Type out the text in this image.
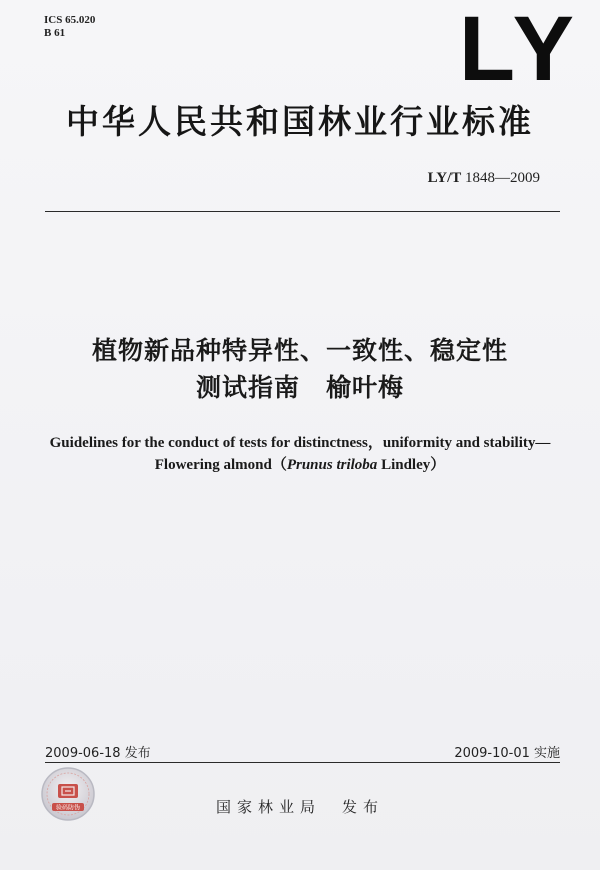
ICS 65.020
B 61	LY
中华人民共和国林业行业标准
LY/T 1848—2009
植物新品种特异性、一致性、稳定性
测试指南　榆叶梅
Guidelines for the conduct of tests for distinctness，uniformity and stability—
Flowering almond（Prunus triloba Lindley）
2009-06-18 发布	2009-10-01 实施
验码防伪	国家林业局　发布
